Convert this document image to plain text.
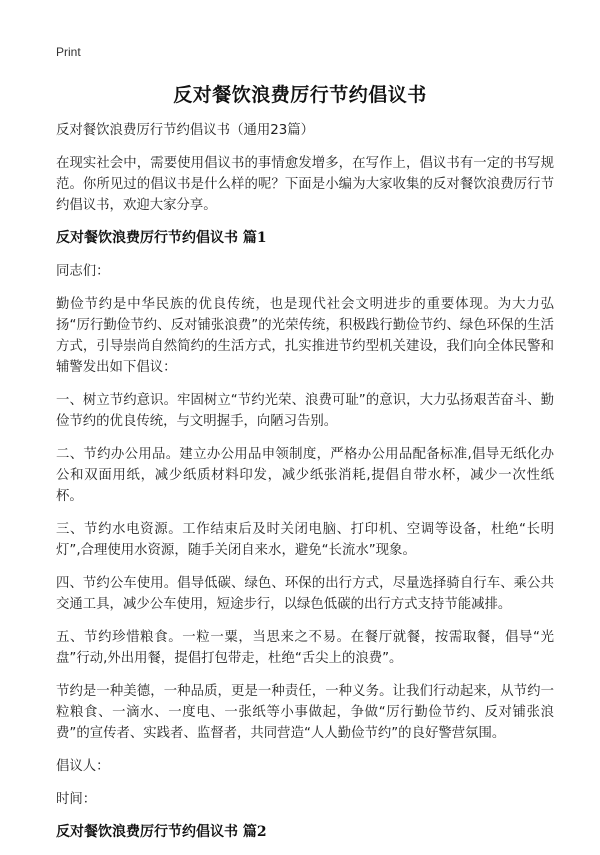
Print
反对餐饮浪费厉行节约倡议书

反对餐饮浪费厉行节约倡议书（通用23篇）

在现实社会中，需要使用倡议书的事情愈发增多，在写作上，倡议书有一定的书写规范。你所见过的倡议书是什么样的呢？下面是小编为大家收集的反对餐饮浪费厉行节约倡议书，欢迎大家分享。

反对餐饮浪费厉行节约倡议书 篇1

同志们：

勤俭节约是中华民族的优良传统，也是现代社会文明进步的重要体现。为大力弘扬“厉行勤俭节约、反对铺张浪费”的光荣传统，积极践行勤俭节约、绿色环保的生活方式，引导崇尚自然简约的生活方式，扎实推进节约型机关建设，我们向全体民警和辅警发出如下倡议：

一、树立节约意识。牢固树立“节约光荣、浪费可耻”的意识，大力弘扬艰苦奋斗、勤俭节约的优良传统，与文明握手，向陋习告别。

二、节约办公用品。建立办公用品申领制度，严格办公用品配备标准,倡导无纸化办公和双面用纸，减少纸质材料印发，减少纸张消耗,提倡自带水杯，减少一次性纸杯。

三、节约水电资源。工作结束后及时关闭电脑、打印机、空调等设备，杜绝“长明灯”,合理使用水资源，随手关闭自来水，避免“长流水”现象。

四、节约公车使用。倡导低碳、绿色、环保的出行方式，尽量选择骑自行车、乘公共交通工具，减少公车使用，短途步行，以绿色低碳的出行方式支持节能减排。

五、节约珍惜粮食。一粒一粟，当思来之不易。在餐厅就餐，按需取餐，倡导“光盘”行动,外出用餐，提倡打包带走，杜绝“舌尖上的浪费”。

节约是一种美德，一种品质，更是一种责任，一种义务。让我们行动起来，从节约一粒粮食、一滴水、一度电、一张纸等小事做起，争做“厉行勤俭节约、反对铺张浪费”的宣传者、实践者、监督者，共同营造“人人勤俭节约”的良好警营氛围。

倡议人：

时间：

反对餐饮浪费厉行节约倡议书 篇2
